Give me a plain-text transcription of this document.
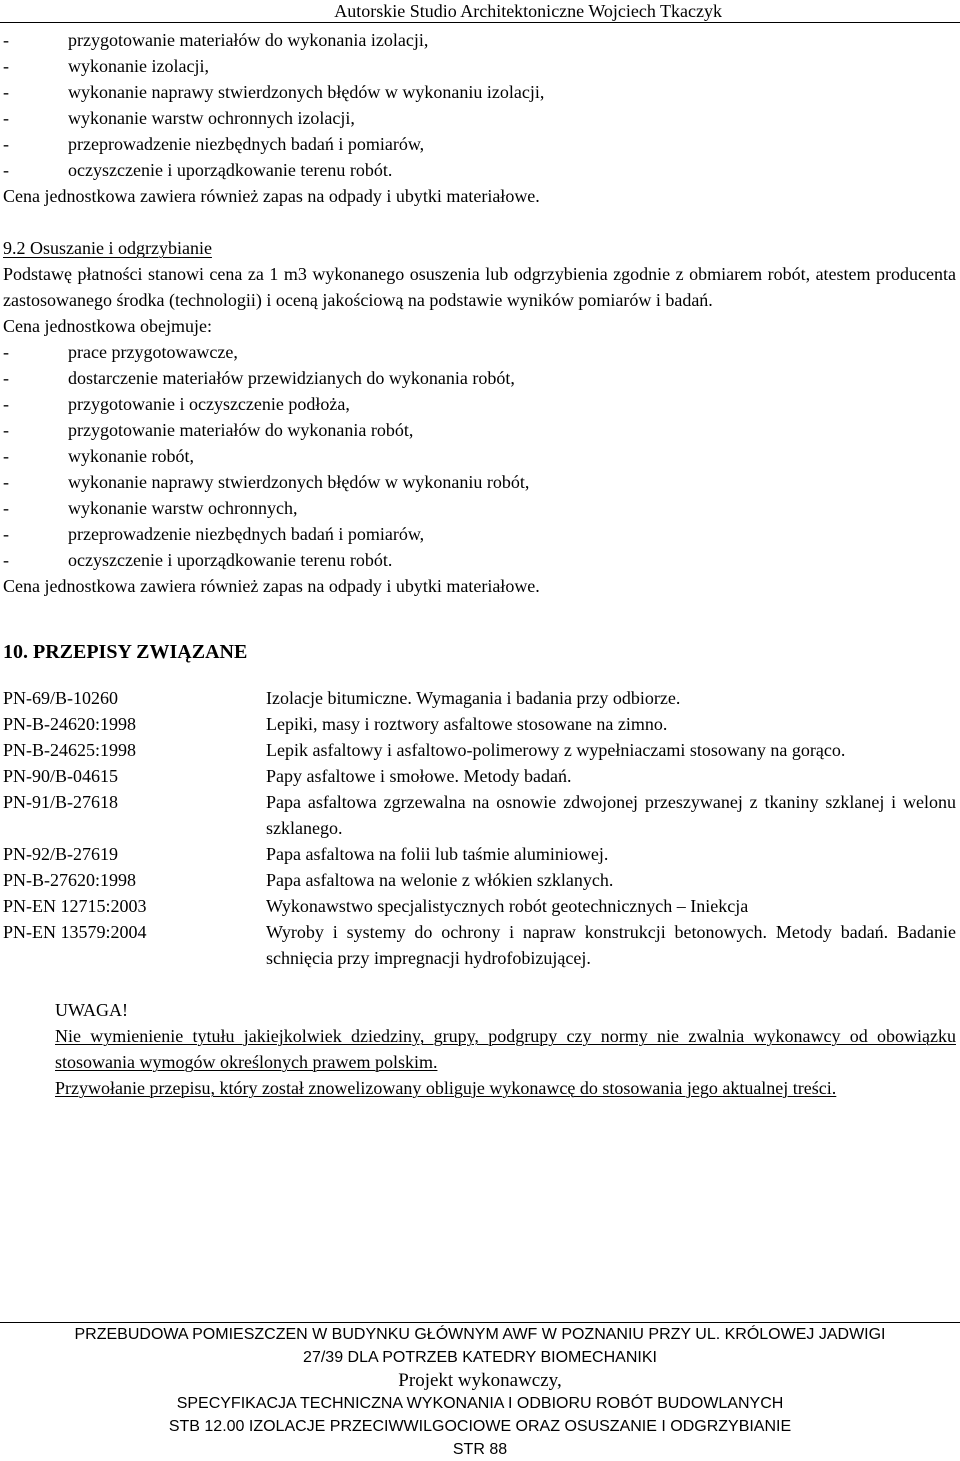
Autorskie Studio Architektoniczne Wojciech Tkaczyk
-	przygotowanie materiałów do wykonania izolacji,
-	wykonanie izolacji,
-	wykonanie naprawy stwierdzonych błędów w wykonaniu izolacji,
-	wykonanie warstw ochronnych izolacji,
-	przeprowadzenie niezbędnych badań i pomiarów,
-	oczyszczenie i uporządkowanie terenu robót.
Cena jednostkowa zawiera również zapas na odpady i ubytki materiałowe.
9.2 Osuszanie i odgrzybianie
Podstawę płatności stanowi cena za 1 m3 wykonanego osuszenia lub odgrzybienia zgodnie z obmiarem robót, atestem producenta zastosowanego środka (technologii) i oceną jakościową na podstawie wyników pomiarów i badań.
Cena jednostkowa obejmuje:
-	prace przygotowawcze,
-	dostarczenie materiałów przewidzianych do wykonania robót,
-	przygotowanie i oczyszczenie podłoża,
-	przygotowanie materiałów do wykonania robót,
-	wykonanie robót,
-	wykonanie naprawy stwierdzonych błędów w wykonaniu robót,
-	wykonanie warstw ochronnych,
-	przeprowadzenie niezbędnych badań i pomiarów,
-	oczyszczenie i uporządkowanie terenu robót.
Cena jednostkowa zawiera również zapas na odpady i ubytki materiałowe.
10. PRZEPISY ZWIĄZANE
PN-69/B-10260	Izolacje bitumiczne. Wymagania i badania przy odbiorze.
PN-B-24620:1998	Lepiki, masy i roztwory asfaltowe stosowane na zimno.
PN-B-24625:1998	Lepik asfaltowy i asfaltowo-polimerowy z wypełniaczami stosowany na gorąco.
PN-90/B-04615	Papy asfaltowe i smołowe. Metody badań.
PN-91/B-27618	Papa asfaltowa zgrzewalna na osnowie zdwojonej przeszywanej z tkaniny szklanej i welonu szklanego.
PN-92/B-27619	Papa asfaltowa na folii lub taśmie aluminiowej.
PN-B-27620:1998	Papa asfaltowa na welonie z włókien szklanych.
PN-EN 12715:2003	Wykonawstwo specjalistycznych robót geotechnicznych – Iniekcja
PN-EN 13579:2004	Wyroby i systemy do ochrony i napraw konstrukcji betonowych. Metody badań. Badanie schnięcia przy impregnacji hydrofobizującej.
UWAGA!
Nie wymienienie tytułu jakiejkolwiek dziedziny, grupy, podgrupy czy normy nie zwalnia wykonawcy od obowiązku stosowania wymogów określonych prawem polskim.
Przywołanie przepisu, który został znowelizowany obliguje wykonawcę do stosowania jego aktualnej treści.
PRZEBUDOWA POMIESZCZEN W BUDYNKU GŁÓWNYM AWF W POZNANIU PRZY UL. KRÓLOWEJ JADWIGI
27/39 DLA POTRZEB KATEDRY BIOMECHANIKI
Projekt wykonawczy,
SPECYFIKACJA TECHNICZNA WYKONANIA I ODBIORU ROBÓT BUDOWLANYCH
STB 12.00 IZOLACJE PRZECIWWILGOCIOWE ORAZ OSUSZANIE I ODGRZYBIANIE
STR 88
